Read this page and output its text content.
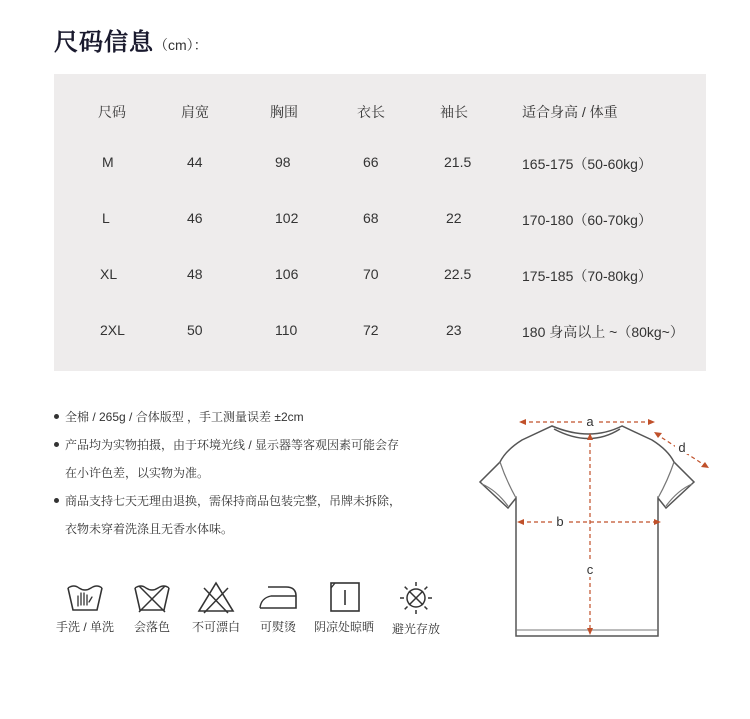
尺码信息（cm）：
尺码	肩宽	胸围	衣长	袖长	适合身高 / 体重
M	44	98	66	21.5	165-175（50-60kg）
L	46	102	68	22	170-180（60-70kg）
XL	48	106	70	22.5	175-185（70-80kg）
2XL	50	110	72	23	180 身高以上 ~（80kg~）
全棉 / 265g / 合体版型 ，手工测量误差 ±2cm
产品均为实物拍摄，由于环境光线 / 显示器等客观因素可能会存
在小许色差，以实物为准。
商品支持七天无理由退换，需保持商品包装完整，吊牌未拆除，
衣物未穿着洗涤且无香水体味。
手洗 / 单洗	会落色	不可漂白	可熨烫	阴凉处晾晒	避光存放
a
d
b
c
